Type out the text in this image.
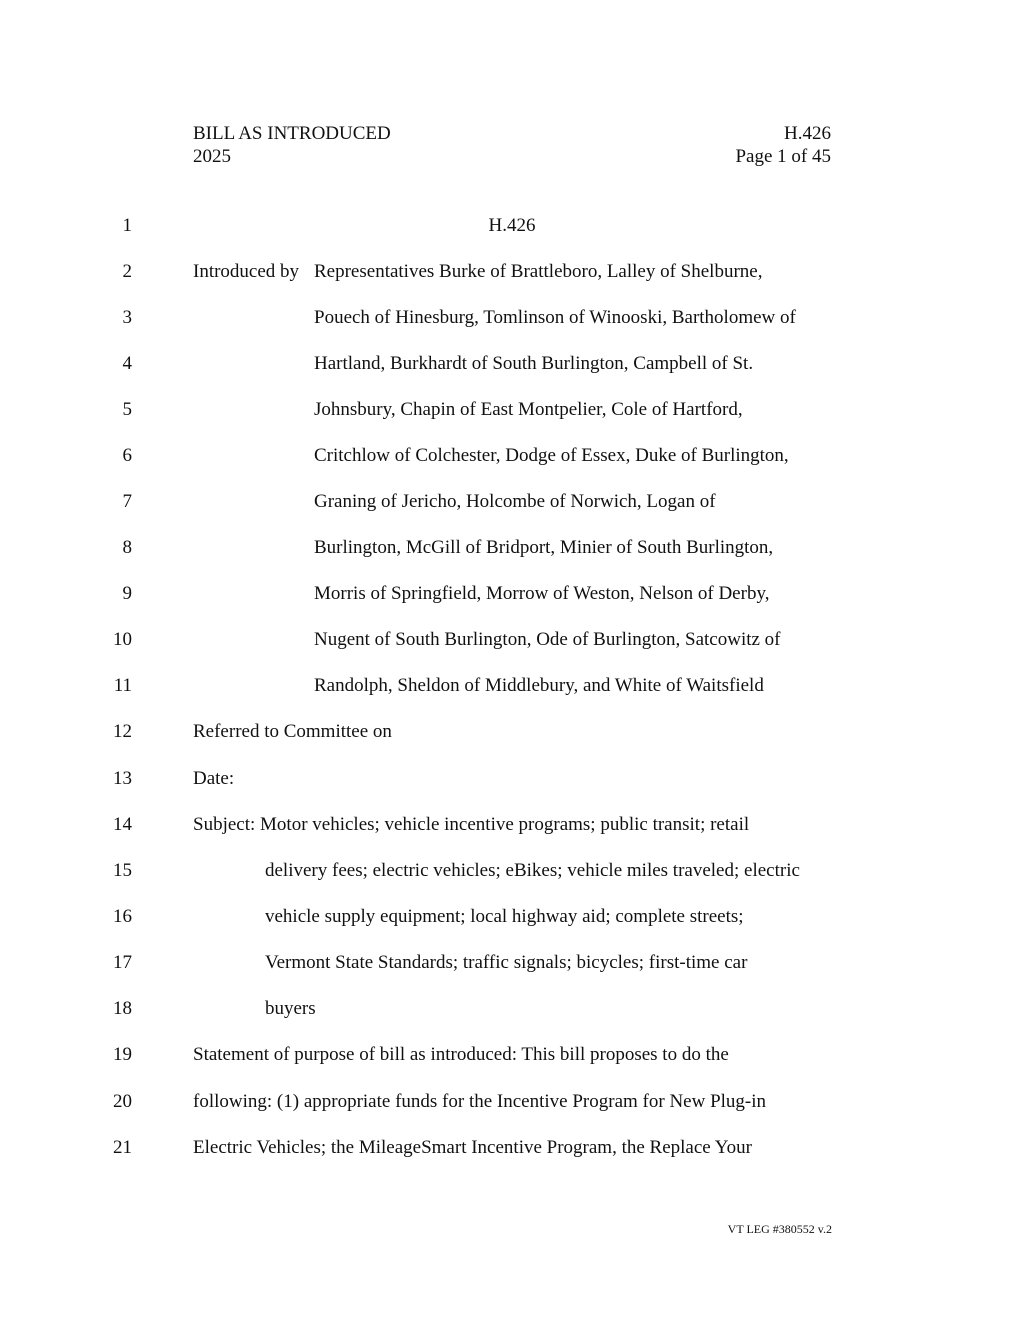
BILL AS INTRODUCED
2025
H.426
Page 1 of 45
1	H.426
2	Introduced by Representatives Burke of Brattleboro, Lalley of Shelburne,
3	Pouech of Hinesburg, Tomlinson of Winooski, Bartholomew of
4	Hartland, Burkhardt of South Burlington, Campbell of St.
5	Johnsbury, Chapin of East Montpelier, Cole of Hartford,
6	Critchlow of Colchester, Dodge of Essex, Duke of Burlington,
7	Graning of Jericho, Holcombe of Norwich, Logan of
8	Burlington, McGill of Bridport, Minier of South Burlington,
9	Morris of Springfield, Morrow of Weston, Nelson of Derby,
10	Nugent of South Burlington, Ode of Burlington, Satcowitz of
11	Randolph, Sheldon of Middlebury, and White of Waitsfield
12	Referred to Committee on
13	Date:
14	Subject: Motor vehicles; vehicle incentive programs; public transit; retail
15	delivery fees; electric vehicles; eBikes; vehicle miles traveled; electric
16	vehicle supply equipment; local highway aid; complete streets;
17	Vermont State Standards; traffic signals; bicycles; first-time car
18	buyers
19	Statement of purpose of bill as introduced: This bill proposes to do the
20	following: (1) appropriate funds for the Incentive Program for New Plug-in
21	Electric Vehicles; the MileageSmart Incentive Program, the Replace Your
VT LEG #380552 v.2
